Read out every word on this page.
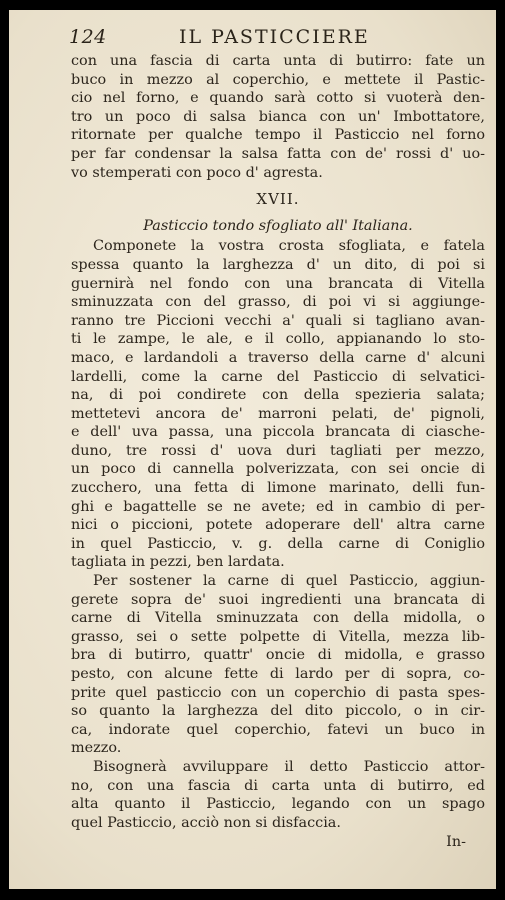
124	IL PASTICCIERE
con una fascia di carta unta di butirro: fate un
buco in mezzo al coperchio, e mettete il Pastic-
cio nel forno, e quando sarà cotto si vuoterà den-
tro un poco di salsa bianca con un' Imbottatore,
ritornate per qualche tempo il Pasticcio nel forno
per far condensar la salsa fatta con de' rossi d' uo-
vo stemperati con poco d' agresta.
XVII.
Pasticcio tondo sfogliato all' Italiana.
Componete la vostra crosta sfogliata, e fatela
spessa quanto la larghezza d' un dito, di poi si
guernirà nel fondo con una brancata di Vitella
sminuzzata con del grasso, di poi vi si aggiunge-
ranno tre Piccioni vecchi a' quali si tagliano avan-
ti le zampe, le ale, e il collo, appianando lo sto-
maco, e lardandoli a traverso della carne d' alcuni
lardelli, come la carne del Pasticcio di selvatici-
na, di poi condirete con della spezieria salata;
mettetevi ancora de' marroni pelati, de' pignoli,
e dell' uva passa, una piccola brancata di ciasche-
duno, tre rossi d' uova duri tagliati per mezzo,
un poco di cannella polverizzata, con sei oncie di
zucchero, una fetta di limone marinato, delli fun-
ghi e bagattelle se ne avete; ed in cambio di per-
nici o piccioni, potete adoperare dell' altra carne
in quel Pasticcio, v. g. della carne di Coniglio
tagliata in pezzi, ben lardata.
Per sostener la carne di quel Pasticcio, aggiun-
gerete sopra de' suoi ingredienti una brancata di
carne di Vitella sminuzzata con della midolla, o
grasso, sei o sette polpette di Vitella, mezza lib-
bra di butirro, quattr' oncie di midolla, e grasso
pesto, con alcune fette di lardo per di sopra, co-
prite quel pasticcio con un coperchio di pasta spes-
so quanto la larghezza del dito piccolo, o in cir-
ca, indorate quel coperchio, fatevi un buco in
mezzo.
Bisognerà avviluppare il detto Pasticcio attor-
no, con una fascia di carta unta di butirro, ed
alta quanto il Pasticcio, legando con un spago
quel Pasticcio, acciò non si disfaccia.
In-
